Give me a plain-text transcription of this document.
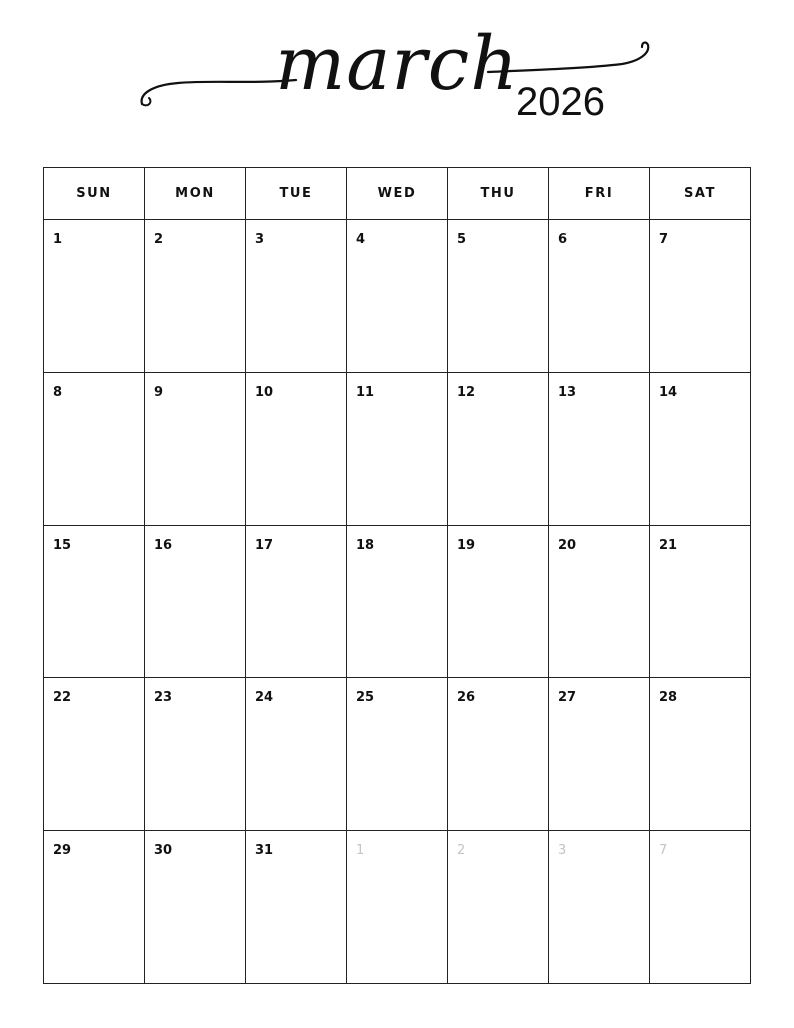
march
2026
SUN	MON	TUE	WED	THU	FRI	SAT
1	2	3	4	5	6	7
8	9	10	11	12	13	14
15	16	17	18	19	20	21
22	23	24	25	26	27	28
29	30	31	1	2	3	7
